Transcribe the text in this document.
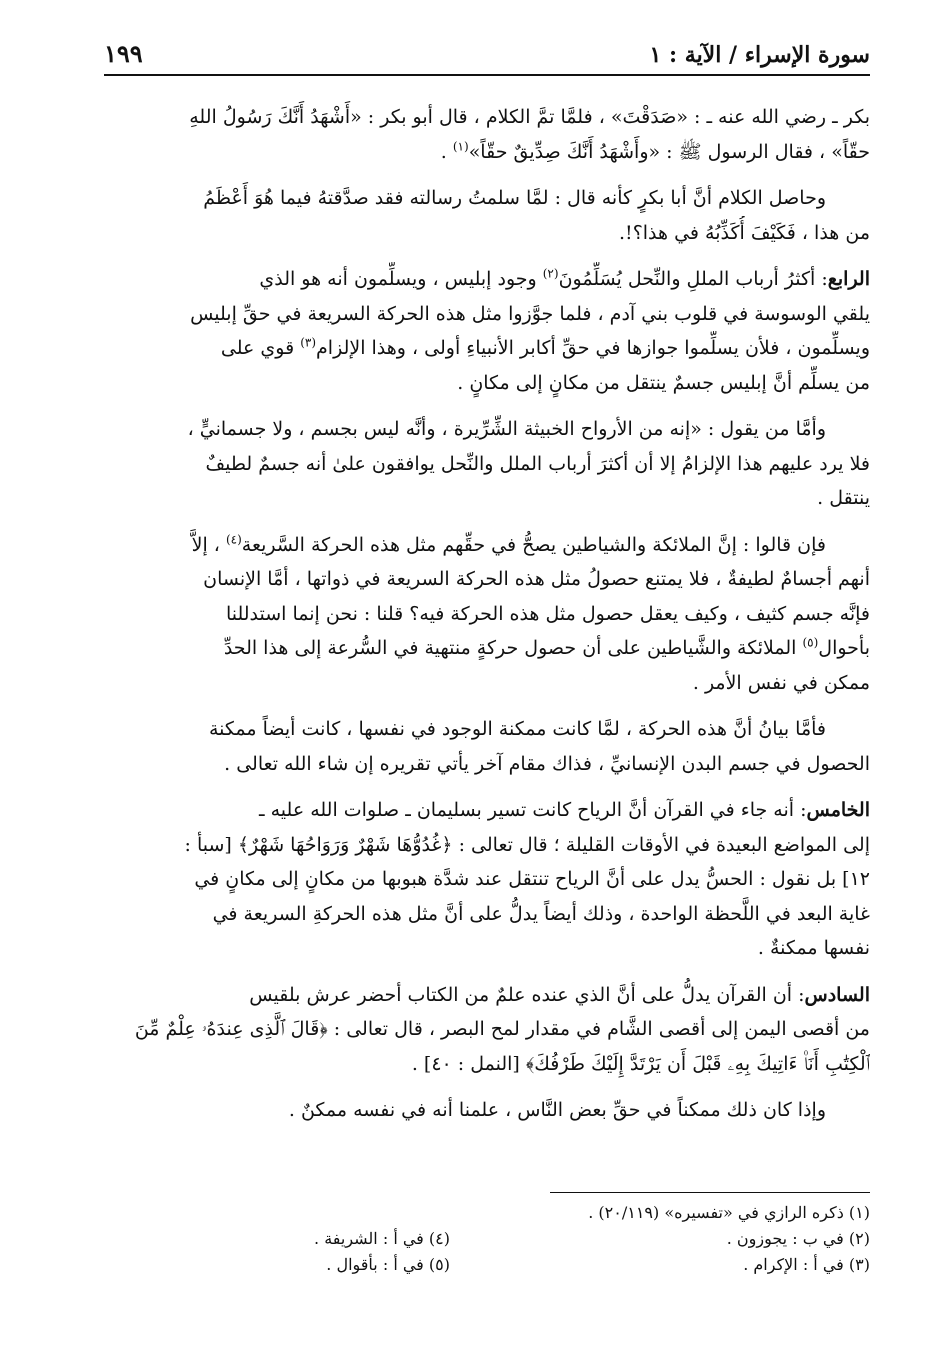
سورة الإسراء / الآية : ١
١٩٩
بكر ـ رضي الله عنه ـ : «صَدَقْتَ» ، فلمَّا تمَّ الكلام ، قال أبو بكر : «أَشْهَدُ أَنَّكَ رَسُولُ اللهِ
حقّاً» ، فقال الرسول ﷺ : «وأَشْهَدُ أَنَّكَ صِدِّيقٌ حقّاً»$^{(١)}$ .
وحاصل الكلام أنَّ أبا بكرٍ كأنه قال : لمَّا سلمتُ رسالته فقد صدَّقتهُ فيما هُوَ أَعْظَمُ
من هذا ، فَكَيْفَ أُكَذِّبُهُ في هذا؟!.
الرابع: أكثرُ أرباب المللِ والنِّحل يُسَلِّمُونَ$^{(٢)}$ وجود إبليس ، ويسلِّمون أنه هو الذي
يلقي الوسوسة في قلوب بني آدم ، فلما جوَّزوا مثل هذه الحركة السريعة في حقِّ إبليس
ويسلِّمون ، فلأن يسلِّموا جوازها في حقِّ أكابر الأنبياءِ أولى ، وهذا الإلزام$^{(٣)}$ قوي على
من يسلِّم أنَّ إبليس جسمٌ ينتقل من مكانٍ إلى مكانٍ .
وأمَّا من يقول : «إنه من الأرواح الخبيثة الشِّرِّيرة ، وأنَّه ليس بجسم ، ولا جسمانيٍّ ،
فلا يرد عليهم هذا الإلزامُ إلا أن أكثرَ أرباب الملل والنِّحل يوافقون علىٰ أنه جسمٌ لطيفٌ
ينتقل .
فإن قالوا : إنَّ الملائكة والشياطين يصحُّ في حقِّهم مثل هذه الحركة السَّريعة$^{(٤)}$ ، إلاَّ
أنهم أجسامٌ لطيفةٌ ، فلا يمتنع حصولُ مثل هذه الحركة السريعة في ذواتها ، أمَّا الإنسان
فإنَّه جسم كثيف ، وكيف يعقل حصول مثل هذه الحركة فيه؟ قلنا : نحن إنما استدللنا
بأحوال$^{(٥)}$ الملائكة والشَّياطين على أن حصول حركةٍ منتهية في السُّرعة إلى هذا الحدِّ
ممكن في نفس الأمر .
فأمَّا بيانُ أنَّ هذه الحركة ، لمَّا كانت ممكنة الوجود في نفسها ، كانت أيضاً ممكنة
الحصول في جسم البدن الإنسانيِّ ، فذاك مقام آخر يأتي تقريره إن شاء الله تعالى .
الخامس: أنه جاء في القرآن أنَّ الرياح كانت تسير بسليمان ـ صلوات الله عليه ـ
إلى المواضع البعيدة في الأوقات القليلة ؛ قال تعالى : ﴿غُدُوُّهَا شَهْرٌ وَرَوَاحُهَا شَهْرٌ﴾ [سبأ :
١٢] بل نقول : الحسُّ يدل على أنَّ الرياح تنتقل عند شدَّة هبوبها من مكانٍ إلى مكانٍ في
غاية البعد في اللَّحظة الواحدة ، وذلك أيضاً يدلُّ على أنَّ مثل هذه الحركةِ السريعة في
نفسها ممكنةٌ .
السادس: أن القرآن يدلُّ على أنَّ الذي عنده علمٌ من الكتاب أحضر عرش بلقيس
من أقصى اليمن إلى أقصى الشَّام في مقدار لمح البصر ، قال تعالى : ﴿قَالَ ٱلَّذِى عِندَهُۥ عِلْمٌ مِّنَ
ٱلْكِتَٰبِ أَنَا۠ ءَاتِيكَ بِهِۦ قَبْلَ أَن يَرْتَدَّ إِلَيْكَ طَرْفُكَ﴾ [النمل : ٤٠] .
وإذا كان ذلك ممكناً في حقِّ بعض النَّاس ، علمنا أنه في نفسه ممكنٌ .
(١) ذكره الرازي في «تفسيره» (٢٠/١١٩) .
(٢) في ب : يجوزون .
(٤) في أ : الشريفة .
(٣) في أ : الإكرام .
(٥) في أ : بأقوال .
